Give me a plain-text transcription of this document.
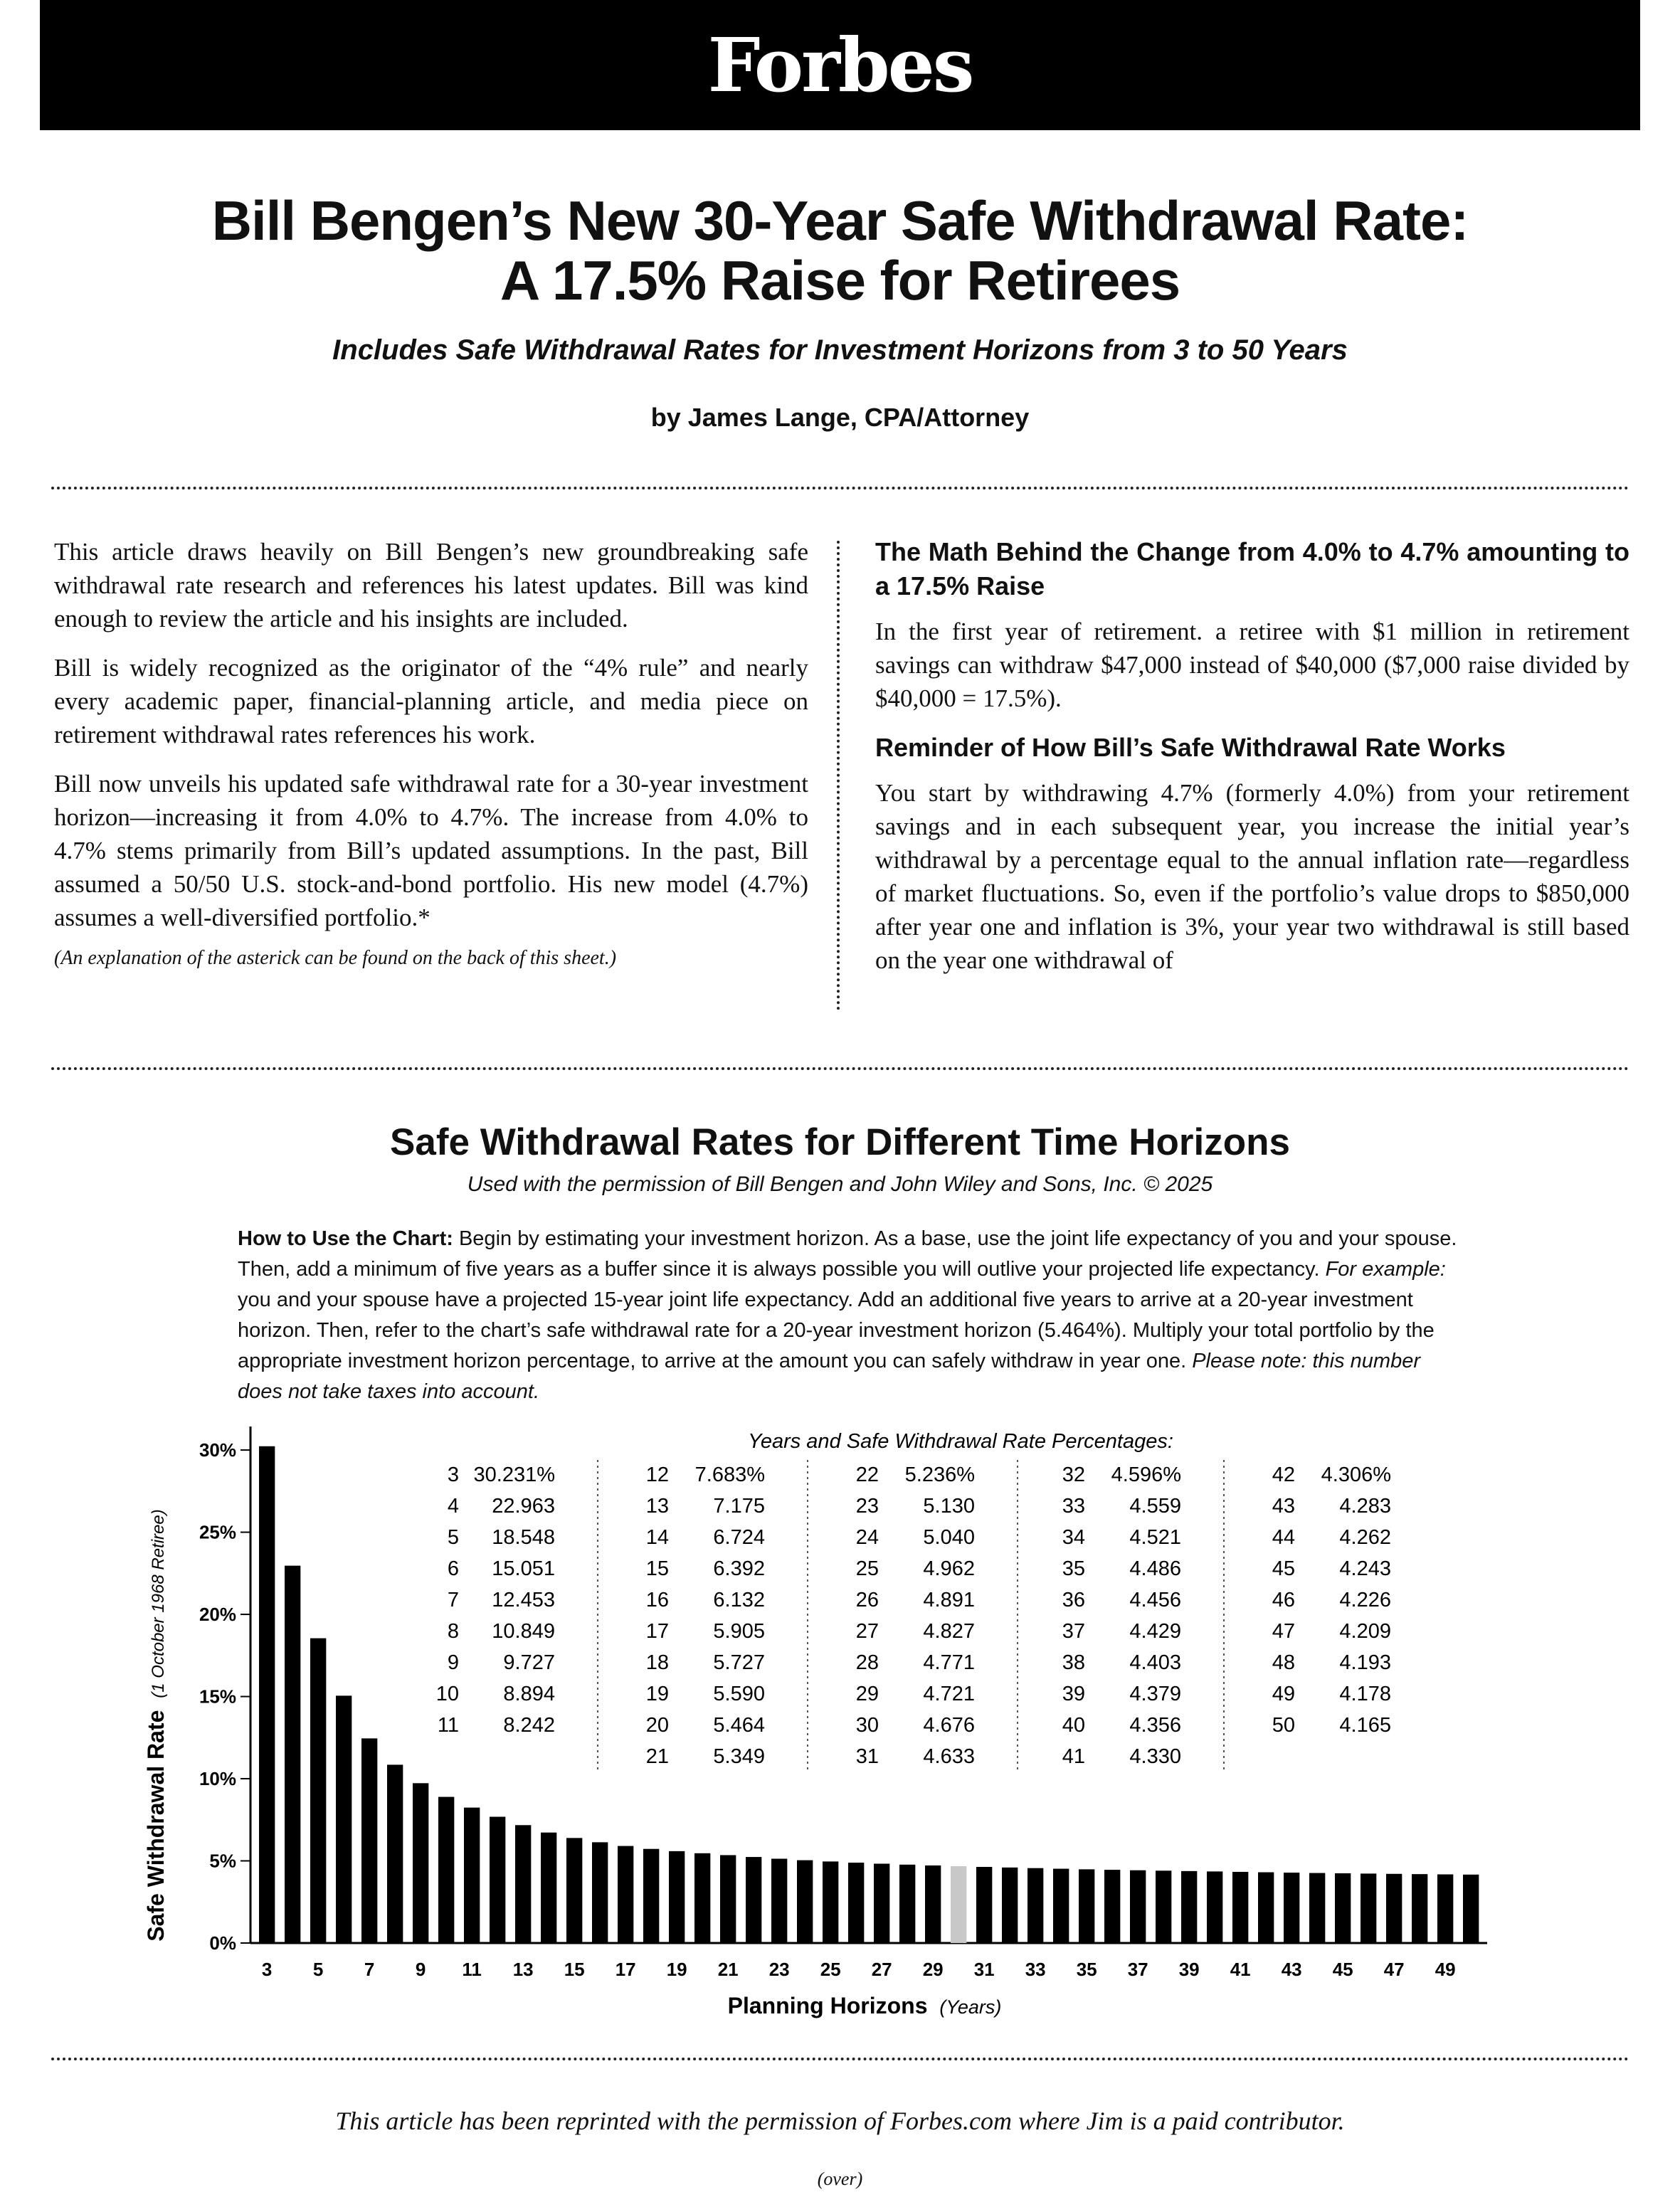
Forbes
Bill Bengen’s New 30-Year Safe Withdrawal Rate:
A 17.5% Raise for Retirees
Includes Safe Withdrawal Rates for Investment Horizons from 3 to 50 Years
by James Lange, CPA/Attorney

This article draws heavily on Bill Bengen’s new groundbreaking safe withdrawal rate research and references his latest updates. Bill was kind enough to review the article and his insights are included.

Bill is widely recognized as the originator of the “4% rule” and nearly every academic paper, financial-planning article, and media piece on retirement withdrawal rates references his work.

Bill now unveils his updated safe withdrawal rate for a 30-year investment horizon—increasing it from 4.0% to 4.7%. The increase from 4.0% to 4.7% stems primarily from Bill’s updated assumptions. In the past, Bill assumed a 50/50 U.S. stock-and-bond portfolio. His new model (4.7%) assumes a well-diversified portfolio.*

(An explanation of the asterick can be found on the back of this sheet.)

The Math Behind the Change from 4.0% to 4.7% amounting to a 17.5% Raise

In the first year of retirement. a retiree with $1 million in retirement savings can withdraw $47,000 instead of $40,000 ($7,000 raise divided by $40,000 = 17.5%).

Reminder of How Bill’s Safe Withdrawal Rate Works

You start by withdrawing 4.7% (formerly 4.0%) from your retirement savings and in each subsequent year, you increase the initial year’s withdrawal by a percentage equal to the annual inflation rate—regardless of market fluctuations. So, even if the portfolio’s value drops to $850,000 after year one and inflation is 3%, your year two withdrawal is still based on the year one withdrawal of

Safe Withdrawal Rates for Different Time Horizons
Used with the permission of Bill Bengen and John Wiley and Sons, Inc. © 2025
How to Use the Chart: Begin by estimating your investment horizon. As a base, use the joint life expectancy of you and your spouse. Then, add a minimum of five years as a buffer since it is always possible you will outlive your projected life expectancy. For example: you and your spouse have a projected 15-year joint life expectancy. Add an additional five years to arrive at a 20-year investment horizon. Then, refer to the chart’s safe withdrawal rate for a 20-year investment horizon (5.464%). Multiply your total portfolio by the appropriate investment horizon percentage, to arrive at the amount you can safely withdraw in year one. Please note: this number does not take taxes into account.
3 5 7 9 11 13 15 17 19 21 23 25 27 29 31 33 35 37 39 41 43 45 47 49
0%
5%
10%
15%
20%
25%
30%	Years and Safe Withdrawal Rate Percentages:
3 30.231%
4 22.963
5 18.548
6 15.051
7 12.453
8 10.849
9 9.727
10 8.894
11 8.242
12 7.683%
13 7.175
14 6.724
15 6.392
16 6.132
17 5.905
18 5.727
19 5.590
20 5.464
21 5.349
22 5.236%
23 5.130
24 5.040
25 4.962
26 4.891
27 4.827
28 4.771
29 4.721
30 4.676
31 4.633
32 4.596%
33 4.559
34 4.521
35 4.486
36 4.456
37 4.429
38 4.403
39 4.379
40 4.356
41 4.330
42 4.306%
43 4.283
44 4.262
45 4.243
46 4.226
47 4.209
48 4.193
49 4.178
50 4.165
Safe Withdrawal Rate (1 October 1968 Retiree)
Planning Horizons (Years)
This article has been reprinted with the permission of Forbes.com where Jim is a paid contributor.
(over)
